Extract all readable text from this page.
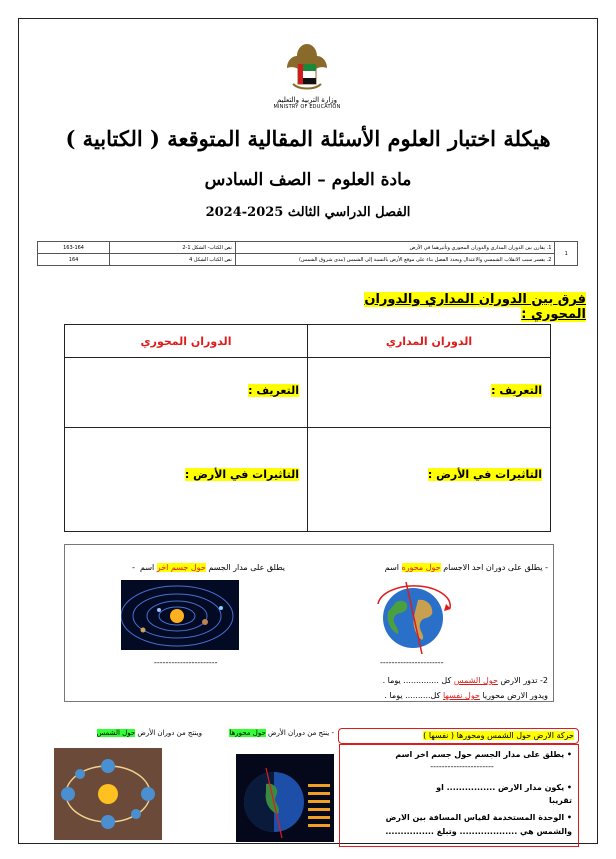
وزارة التربية والتعليم
MINISTRY OF EDUCATION
هيكلة اختبار العلوم الأسئلة المقالية المتوقعة ( الكتابية )
مادة العلوم – الصف السادس
الفصل الدراسي الثالث 2025-2024
1	1. يقارن بين الدوران المداري والدوران المحوري وتأثيرهما في الأرض	نص الكتاب- الشكل 1-2	163-164
	2. يفسر سبب الانقلاب الشمسي والاعتدال ويحدد الفصل بناء على موقع الأرض بالنسبة إلى الشمس (مدى شروق الشمس)	نص الكتاب الشكل 4	164
فرق بين الدوران المداري والدوران المحوري :
الدوران المداري	الدوران المحوري
التعريف :	التعريف :
التاثيرات في الأرض :	التاثيرات في الأرض :
- يطلق على دوران احد الاجسام حول محوره اسم
يطلق على مدار الجسم حول جسم اخر اسم  -
----------------------	----------------------
2- تدور الارض حول الشمس كل .............. يوما .
ويدور الارض محوريا حول نفسها كل.......... يوما .
حركة الارض حول الشمس ومحورها ( نفسها )
• يطلق على مدار الجسم حول جسم اخر اسم
----------------------
• يكون مدار الارض ................ او
تقريبا
• الوحدة المستخدمة لقياس المسافة بين الارض
والشمس هي ................... وتبلغ ................
- ينتج من دوران الأرض حول محورها
وينتج من دوران الأرض حول الشمس
